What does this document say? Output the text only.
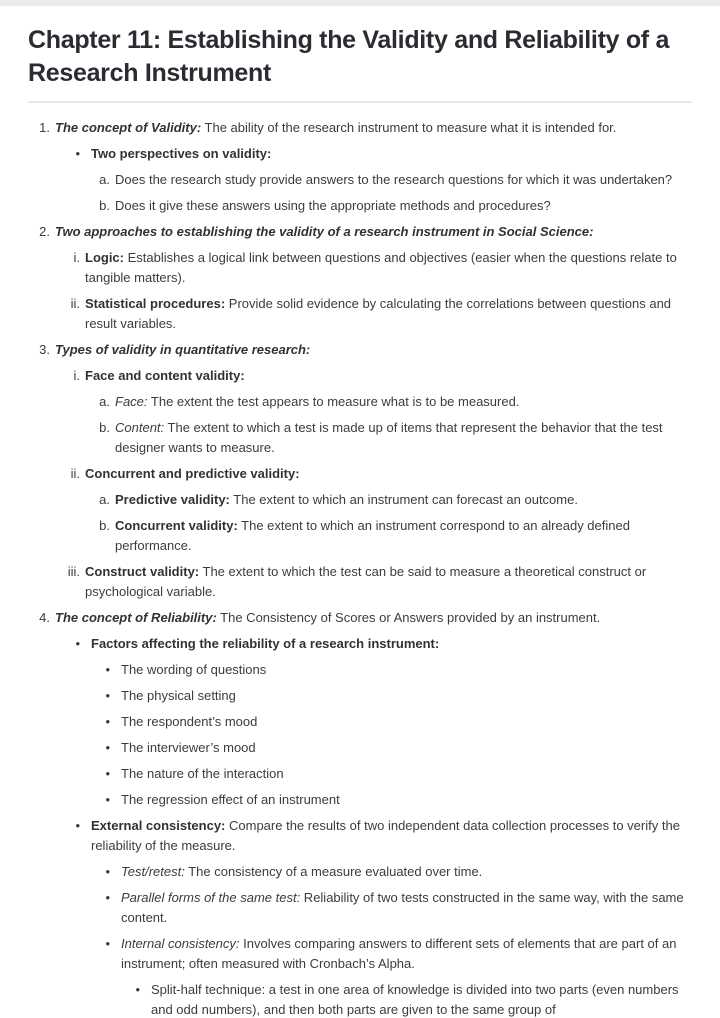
Chapter 11: Establishing the Validity and Reliability of a Research Instrument
1. The concept of Validity: The ability of the research instrument to measure what it is intended for.
• Two perspectives on validity:
a. Does the research study provide answers to the research questions for which it was undertaken?
b. Does it give these answers using the appropriate methods and procedures?
2. Two approaches to establishing the validity of a research instrument in Social Science:
i. Logic: Establishes a logical link between questions and objectives (easier when the questions relate to tangible matters).
ii. Statistical procedures: Provide solid evidence by calculating the correlations between questions and result variables.
3. Types of validity in quantitative research:
i. Face and content validity:
a. Face: The extent the test appears to measure what is to be measured.
b. Content: The extent to which a test is made up of items that represent the behavior that the test designer wants to measure.
ii. Concurrent and predictive validity:
a. Predictive validity: The extent to which an instrument can forecast an outcome.
b. Concurrent validity: The extent to which an instrument correspond to an already defined performance.
iii. Construct validity: The extent to which the test can be said to measure a theoretical construct or psychological variable.
4. The concept of Reliability: The Consistency of Scores or Answers provided by an instrument.
• Factors affecting the reliability of a research instrument:
• The wording of questions
• The physical setting
• The respondent’s mood
• The interviewer’s mood
• The nature of the interaction
• The regression effect of an instrument
• External consistency: Compare the results of two independent data collection processes to verify the reliability of the measure.
• Test/retest: The consistency of a measure evaluated over time.
• Parallel forms of the same test: Reliability of two tests constructed in the same way, with the same content.
• Internal consistency: Involves comparing answers to different sets of elements that are part of an instrument; often measured with Cronbach’s Alpha.
• Split-half technique: a test in one area of knowledge is divided into two parts (even numbers and odd numbers), and then both parts are given to the same group of
